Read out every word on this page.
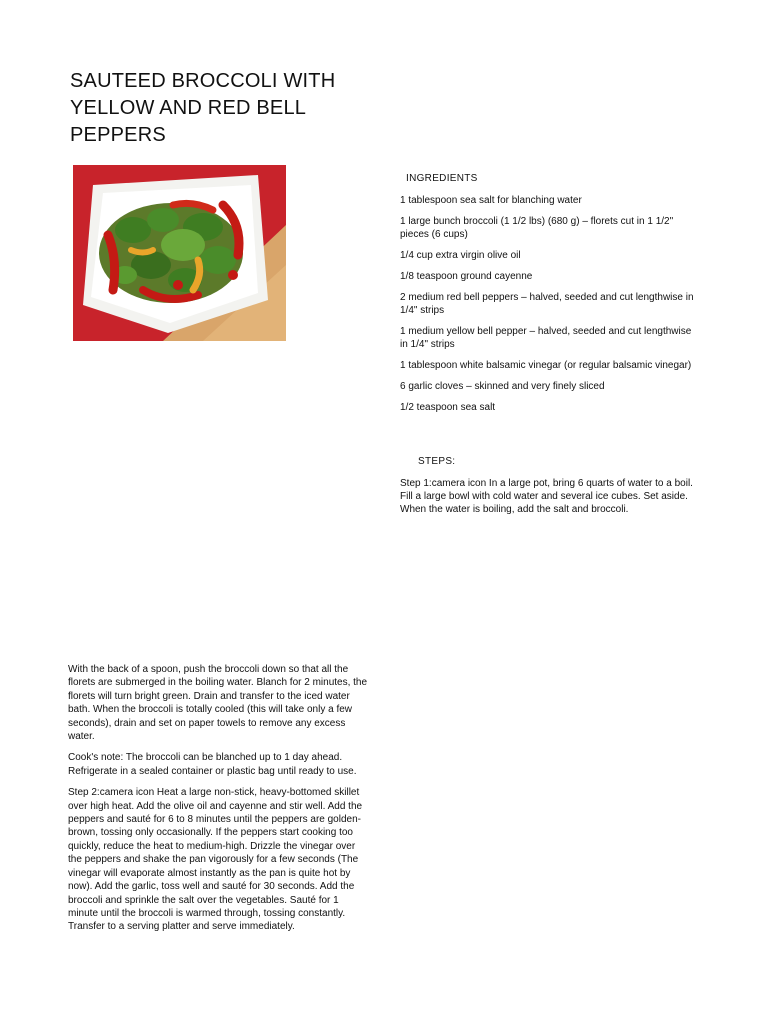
SAUTEED BROCCOLI WITH YELLOW AND RED BELL PEPPERS
INGREDIENTS
1 tablespoon sea salt for blanching water
1 large bunch broccoli (1 1/2 lbs) (680 g) – florets cut in 1 1/2" pieces (6 cups)
1/4 cup extra virgin olive oil
1/8 teaspoon ground cayenne
2 medium red bell peppers – halved, seeded and cut lengthwise in 1/4" strips
1 medium yellow bell pepper – halved, seeded and cut lengthwise in 1/4" strips
1 tablespoon white balsamic vinegar (or regular balsamic vinegar)
6 garlic cloves – skinned and very finely sliced
1/2 teaspoon sea salt
STEPS:

Step 1:camera icon In a large pot, bring 6 quarts of water to a boil. Fill a large bowl with cold water and several ice cubes. Set aside. When the water is boiling, add the salt and broccoli.

With the back of a spoon, push the broccoli down so that all the florets are submerged in the boiling water. Blanch for 2 minutes, the florets will turn bright green. Drain and transfer to the iced water bath. When the broccoli is totally cooled (this will take only a few seconds), drain and set on paper towels to remove any excess water.

Cook's note: The broccoli can be blanched up to 1 day ahead. Refrigerate in a sealed container or plastic bag until ready to use.

Step 2:camera icon Heat a large non-stick, heavy-bottomed skillet over high heat. Add the olive oil and cayenne and stir well. Add the peppers and sauté for 6 to 8 minutes until the peppers are golden-brown, tossing only occasionally. If the peppers start cooking too quickly, reduce the heat to medium-high. Drizzle the vinegar over the peppers and shake the pan vigorously for a few seconds (The vinegar will evaporate almost instantly as the pan is quite hot by now). Add the garlic, toss well and sauté for 30 seconds. Add the broccoli and sprinkle the salt over the vegetables. Sauté for 1 minute until the broccoli is warmed through, tossing constantly. Transfer to a serving platter and serve immediately.
